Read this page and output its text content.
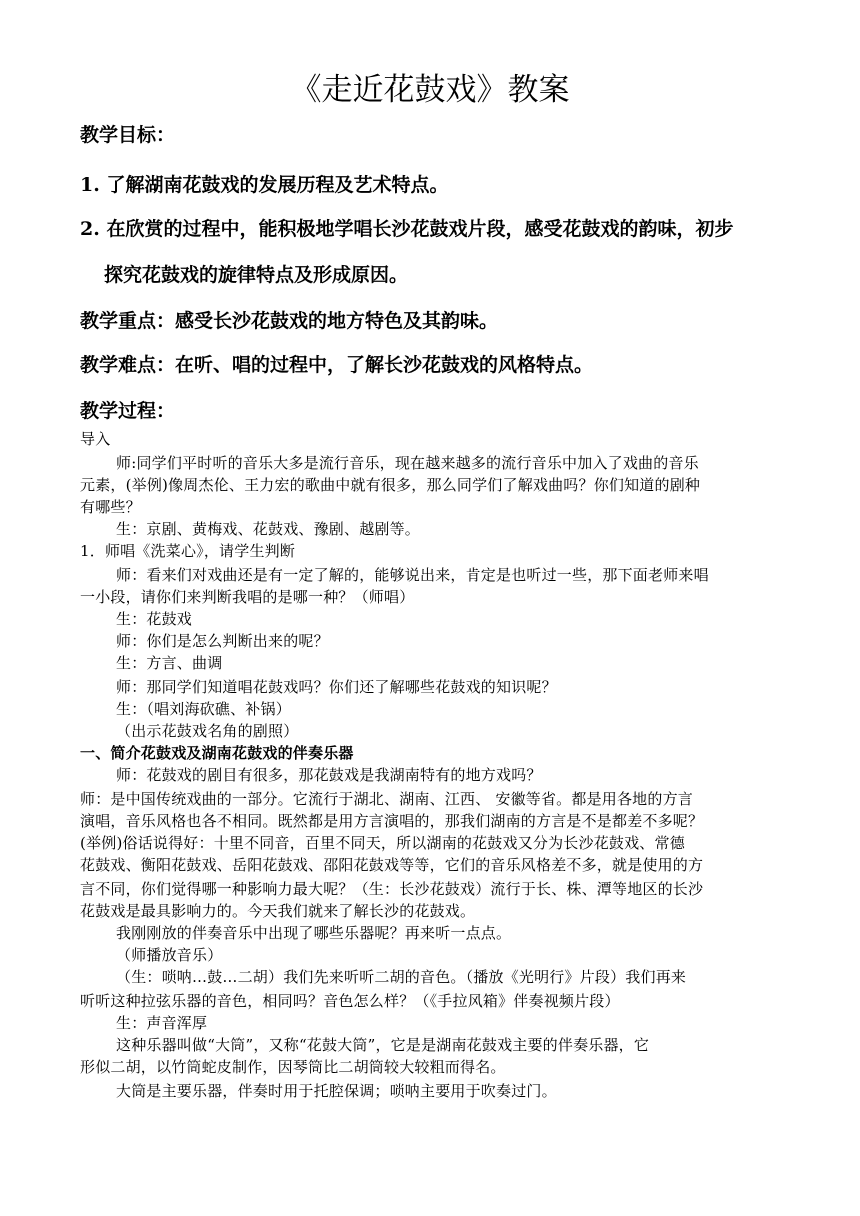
《走近花鼓戏》教案
教学目标：
1. 了解湖南花鼓戏的发展历程及艺术特点。
2. 在欣赏的过程中，能积极地学唱长沙花鼓戏片段，感受花鼓戏的韵味，初步
探究花鼓戏的旋律特点及形成原因。
教学重点：感受长沙花鼓戏的地方特色及其韵味。
教学难点：在听、唱的过程中，了解长沙花鼓戏的风格特点。
教学过程：
导入
师:同学们平时听的音乐大多是流行音乐，现在越来越多的流行音乐中加入了戏曲的音乐
元素，(举例)像周杰伦、王力宏的歌曲中就有很多，那么同学们了解戏曲吗？你们知道的剧种
有哪些？
生：京剧、黄梅戏、花鼓戏、豫剧、越剧等。
1．师唱《洗菜心》，请学生判断
师：看来们对戏曲还是有一定了解的，能够说出来，肯定是也听过一些，那下面老师来唱
一小段，请你们来判断我唱的是哪一种？（师唱）
生：花鼓戏
师：你们是怎么判断出来的呢？
生：方言、曲调
师：那同学们知道唱花鼓戏吗？你们还了解哪些花鼓戏的知识呢？
生：（唱刘海砍礁、补锅）
（出示花鼓戏名角的剧照）
一、简介花鼓戏及湖南花鼓戏的伴奏乐器
师：花鼓戏的剧目有很多，那花鼓戏是我湖南特有的地方戏吗？
师：是中国传统戏曲的一部分。它流行于湖北、湖南、江西、 安徽等省。都是用各地的方言
演唱，音乐风格也各不相同。既然都是用方言演唱的，那我们湖南的方言是不是都差不多呢？
(举例)俗话说得好：十里不同音，百里不同天，所以湖南的花鼓戏又分为长沙花鼓戏、常德
花鼓戏、衡阳花鼓戏、岳阳花鼓戏、邵阳花鼓戏等等，它们的音乐风格差不多，就是使用的方
言不同，你们觉得哪一种影响力最大呢？（生：长沙花鼓戏）流行于长、株、潭等地区的长沙
花鼓戏是最具影响力的。今天我们就来了解长沙的花鼓戏。
我刚刚放的伴奏音乐中出现了哪些乐器呢？再来听一点点。
（师播放音乐）
（生：唢呐…鼓…二胡）我们先来听听二胡的音色。（播放《光明行》片段）我们再来
听听这种拉弦乐器的音色，相同吗？音色怎么样？（《手拉风箱》伴奏视频片段）
生：声音浑厚
这种乐器叫做“大筒”，又称“花鼓大筒”，它是是湖南花鼓戏主要的伴奏乐器，它
形似二胡，以竹筒蛇皮制作，因琴筒比二胡筒较大较粗而得名。
大筒是主要乐器，伴奏时用于托腔保调；唢呐主要用于吹奏过门。
